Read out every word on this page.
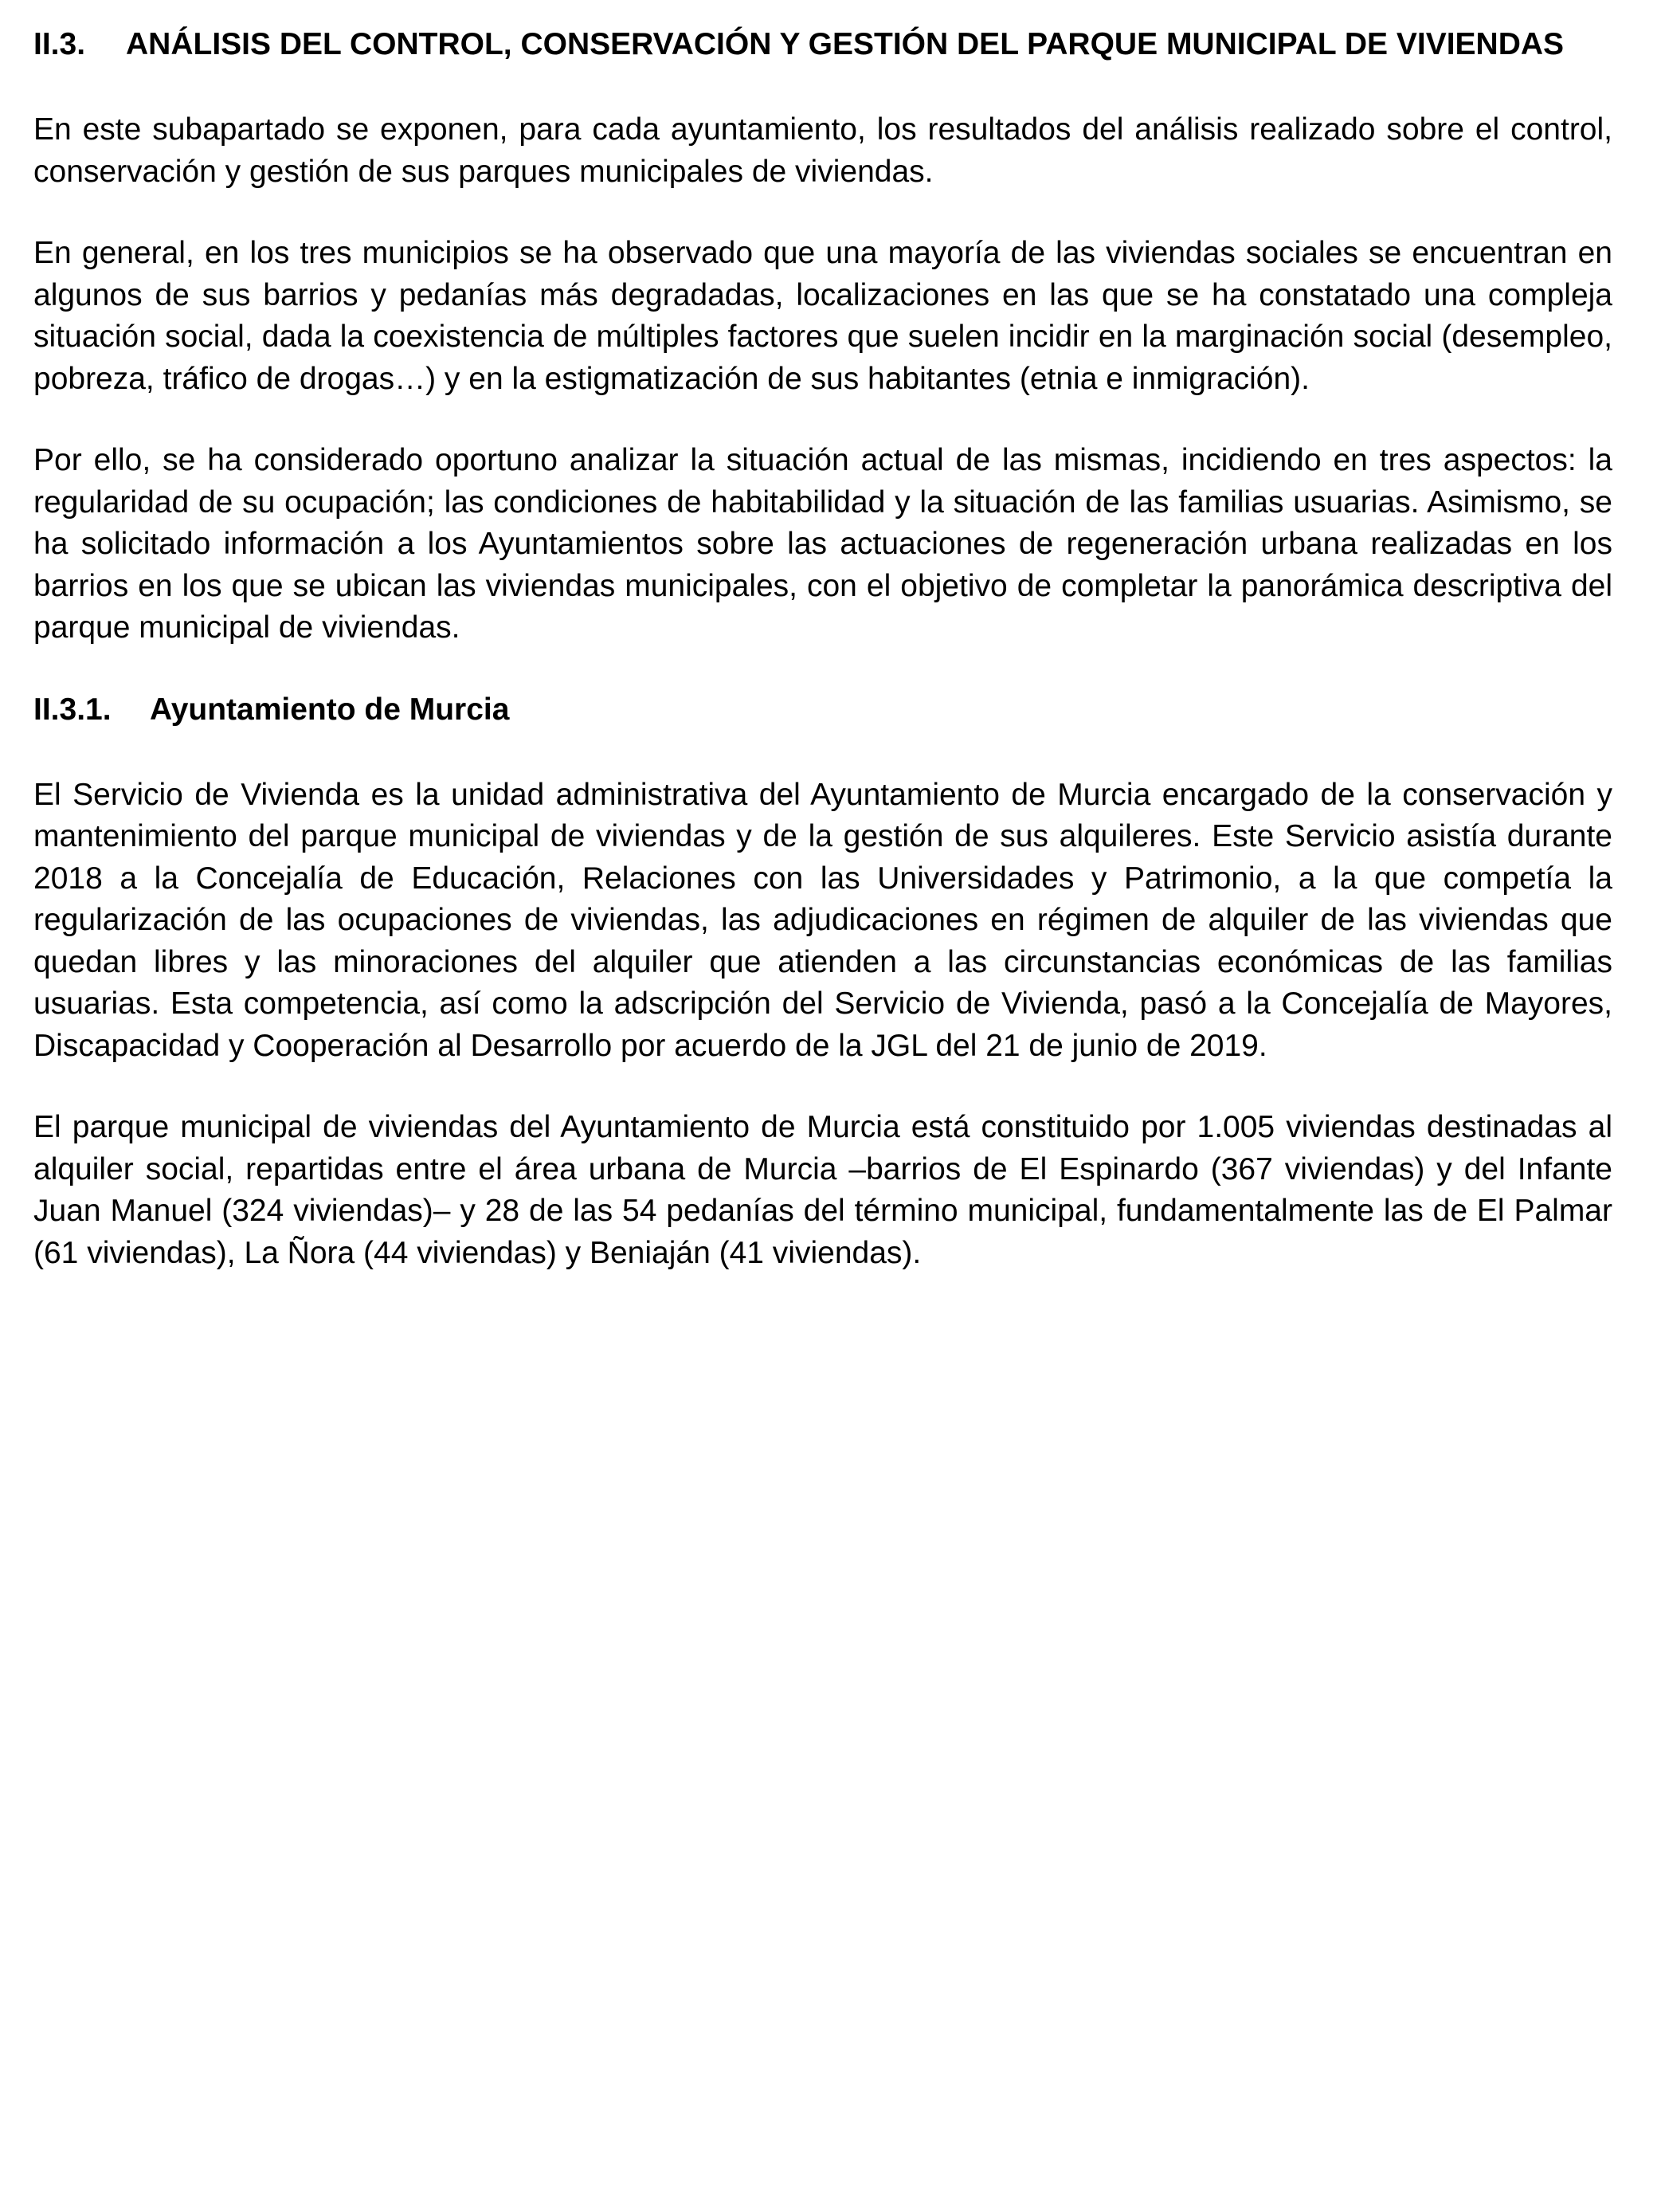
II.3.	ANÁLISIS DEL CONTROL, CONSERVACIÓN Y GESTIÓN DEL PARQUE MUNICIPAL DE VIVIENDAS

En este subapartado se exponen, para cada ayuntamiento, los resultados del análisis realizado sobre el control, conservación y gestión de sus parques municipales de viviendas.

En general, en los tres municipios se ha observado que una mayoría de las viviendas sociales se encuentran en algunos de sus barrios y pedanías más degradadas, localizaciones en las que se ha constatado una compleja situación social, dada la coexistencia de múltiples factores que suelen incidir en la marginación social (desempleo, pobreza, tráfico de drogas…) y en la estigmatización de sus habitantes (etnia e inmigración).

Por ello, se ha considerado oportuno analizar la situación actual de las mismas, incidiendo en tres aspectos: la regularidad de su ocupación; las condiciones de habitabilidad y la situación de las familias usuarias. Asimismo, se ha solicitado información a los Ayuntamientos sobre las actuaciones de regeneración urbana realizadas en los barrios en los que se ubican las viviendas municipales, con el objetivo de completar la panorámica descriptiva del parque municipal de viviendas.

II.3.1.	Ayuntamiento de Murcia

El Servicio de Vivienda es la unidad administrativa del Ayuntamiento de Murcia encargado de la conservación y mantenimiento del parque municipal de viviendas y de la gestión de sus alquileres. Este Servicio asistía durante 2018 a la Concejalía de Educación, Relaciones con las Universidades y Patrimonio, a la que competía la regularización de las ocupaciones de viviendas, las adjudicaciones en régimen de alquiler de las viviendas que quedan libres y las minoraciones del alquiler que atienden a las circunstancias económicas de las familias usuarias. Esta competencia, así como la adscripción del Servicio de Vivienda, pasó a la Concejalía de Mayores, Discapacidad y Cooperación al Desarrollo por acuerdo de la JGL del 21 de junio de 2019.

El parque municipal de viviendas del Ayuntamiento de Murcia está constituido por 1.005 viviendas destinadas al alquiler social, repartidas entre el área urbana de Murcia –barrios de El Espinardo (367 viviendas) y del Infante Juan Manuel (324 viviendas)– y 28 de las 54 pedanías del término municipal, fundamentalmente las de El Palmar (61 viviendas), La Ñora (44 viviendas) y Beniaján (41 viviendas).
